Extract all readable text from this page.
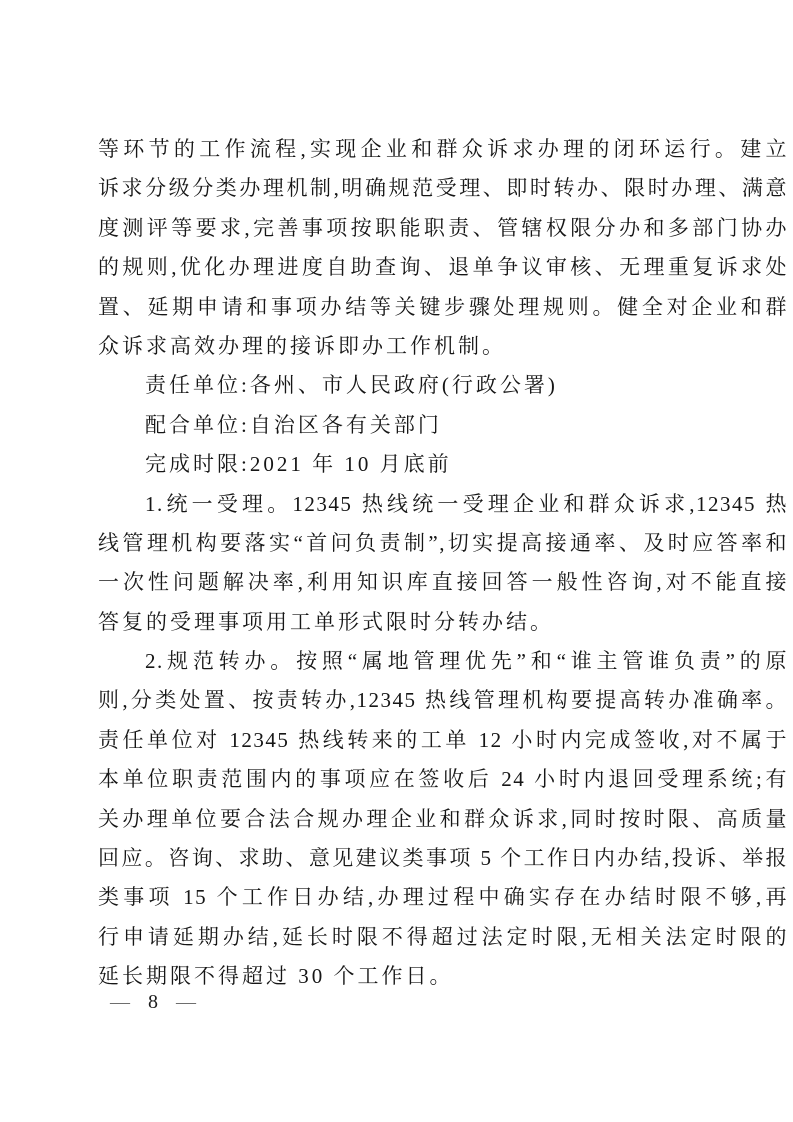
等环节的工作流程,实现企业和群众诉求办理的闭环运行。建立
诉求分级分类办理机制,明确规范受理、即时转办、限时办理、满意
度测评等要求,完善事项按职能职责、管辖权限分办和多部门协办
的规则,优化办理进度自助查询、退单争议审核、无理重复诉求处
置、延期申请和事项办结等关键步骤处理规则。健全对企业和群
众诉求高效办理的接诉即办工作机制。
责任单位:各州、市人民政府(行政公署)
配合单位:自治区各有关部门
完成时限:2021 年 10 月底前
1.统一受理。12345 热线统一受理企业和群众诉求,12345 热
线管理机构要落实“首问负责制”,切实提高接通率、及时应答率和
一次性问题解决率,利用知识库直接回答一般性咨询,对不能直接
答复的受理事项用工单形式限时分转办结。
2.规范转办。按照“属地管理优先”和“谁主管谁负责”的原
则,分类处置、按责转办,12345 热线管理机构要提高转办准确率。
责任单位对 12345 热线转来的工单 12 小时内完成签收,对不属于
本单位职责范围内的事项应在签收后 24 小时内退回受理系统;有
关办理单位要合法合规办理企业和群众诉求,同时按时限、高质量
回应。咨询、求助、意见建议类事项 5 个工作日内办结,投诉、举报
类事项 15 个工作日办结,办理过程中确实存在办结时限不够,再
行申请延期办结,延长时限不得超过法定时限,无相关法定时限的
延长期限不得超过 30 个工作日。
— 8 —
